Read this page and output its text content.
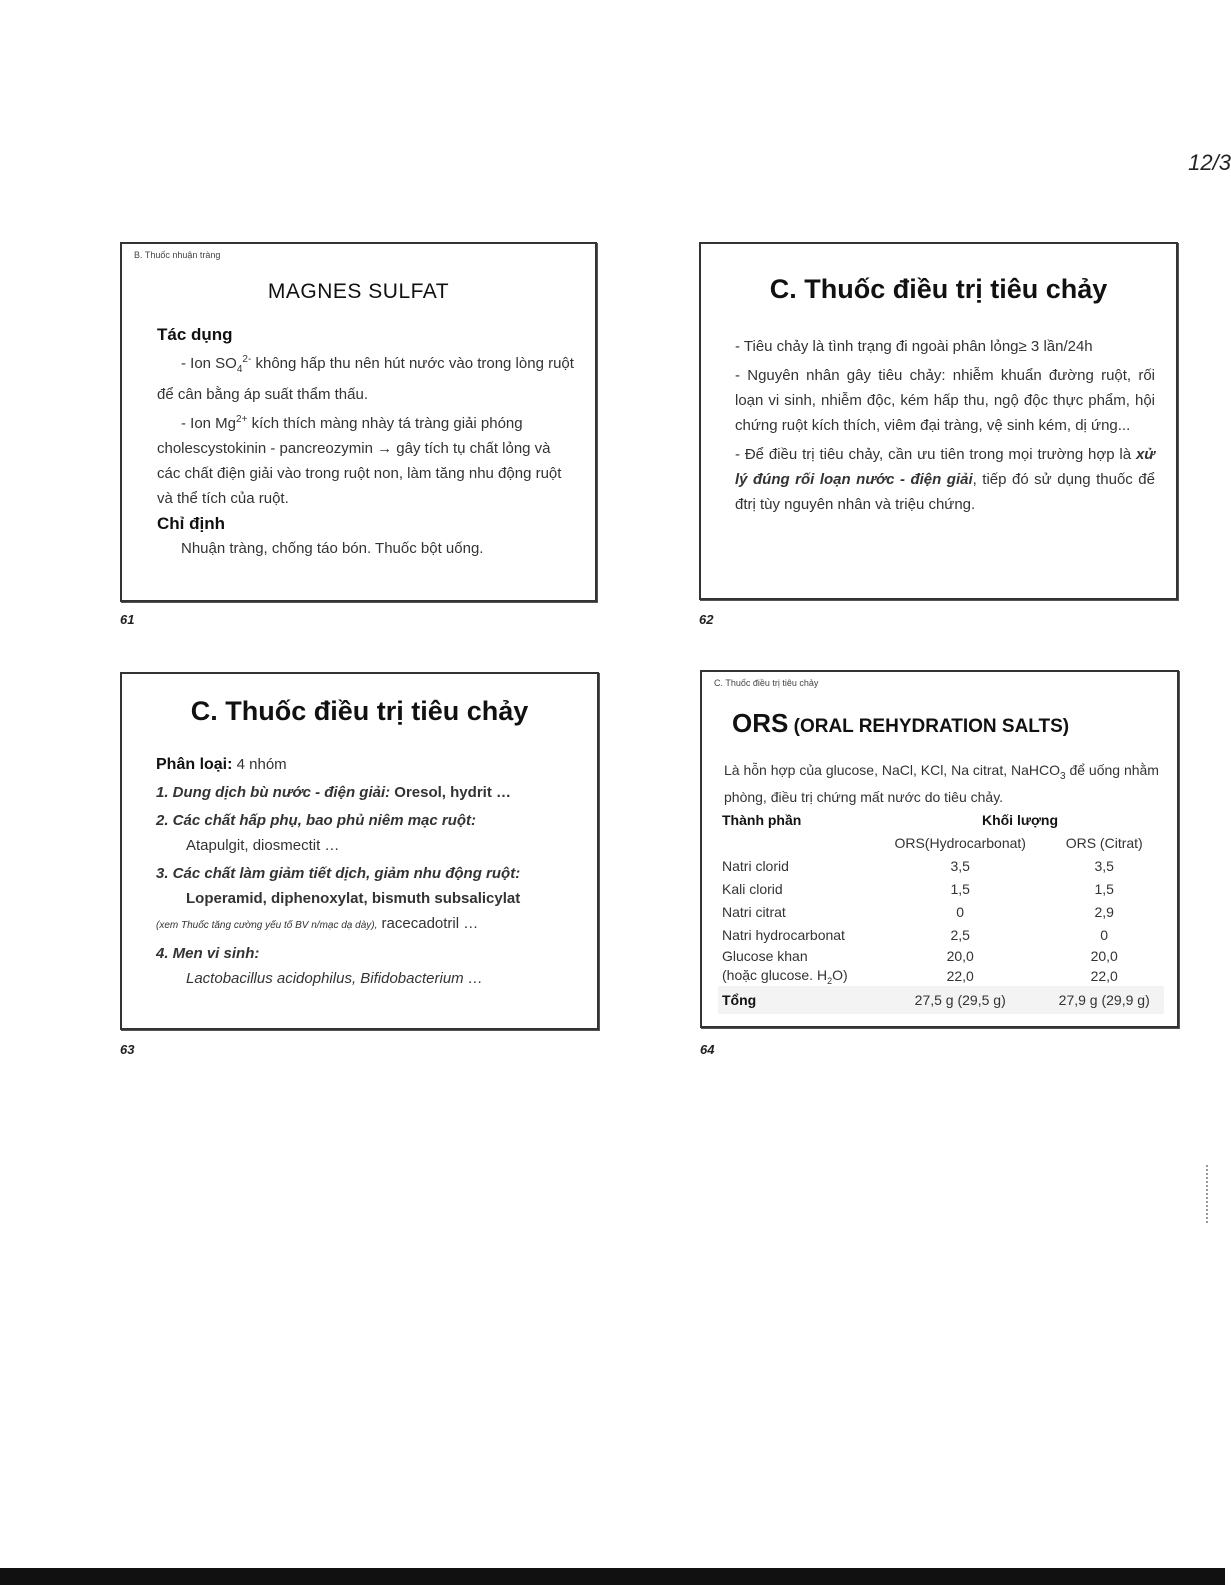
12/3
B. Thuốc nhuận tràng
MAGNES SULFAT
Tác dụng
- Ion $SO_4^{2-}$ không hấp thu nên hút nước vào trong lòng ruột để cân bằng áp suất thẩm thấu.
- Ion $Mg^{2+}$ kích thích màng nhày tá tràng giải phóng cholescystokinin - pancreozymin → gây tích tụ chất lỏng và các chất điện giải vào trong ruột non, làm tăng nhu động ruột và thể tích của ruột.
Chỉ định
Nhuận tràng, chống táo bón. Thuốc bột uống.
61
C. Thuốc điều trị tiêu chảy
- Tiêu chảy là tình trạng đi ngoài phân lỏng≥ 3 lần/24h
- Nguyên nhân gây tiêu chảy: nhiễm khuẩn đường ruột, rối loạn vi sinh, nhiễm độc, kém hấp thu, ngộ độc thực phẩm, hội chứng ruột kích thích, viêm đại tràng, vệ sinh kém, dị ứng...
- Để điều trị tiêu chảy, cần ưu tiên trong mọi trường hợp là xử lý đúng rối loạn nước - điện giải, tiếp đó sử dụng thuốc để đtrị tùy nguyên nhân và triệu chứng.
62
C. Thuốc điều trị tiêu chảy
Phân loại: 4 nhóm
1. Dung dịch bù nước - điện giải: Oresol, hydrit …
2. Các chất hấp phụ, bao phủ niêm mạc ruột:
Atapulgit, diosmectit …
3. Các chất làm giảm tiết dịch, giảm nhu động ruột:
Loperamid, diphenoxylat, bismuth subsalicylat
(xem Thuốc tăng cường yếu tố BV n/mạc dạ dày), racecadotril …
4. Men vi sinh:
Lactobacillus acidophilus, Bifidobacterium …
63
C. Thuốc điều trị tiêu chảy
ORS (ORAL REHYDRATION SALTS)
Là hỗn hợp của glucose, NaCl, KCl, Na citrat, NaHCO$_3$ để uống nhằm phòng, điều trị chứng mất nước do tiêu chảy.
Thành phần	Khối lượng	
	ORS(Hydrocarbonat)	ORS (Citrat)
Natri clorid	3,5	3,5
Kali clorid	1,5	1,5
Natri citrat	0	2,9
Natri hydrocarbonat	2,5	0
Glucose khan	20,0	20,0
(hoặc glucose. $H_2O$)	22,0	22,0
Tổng	27,5 g (29,5 g)	27,9 g (29,9 g)
64
